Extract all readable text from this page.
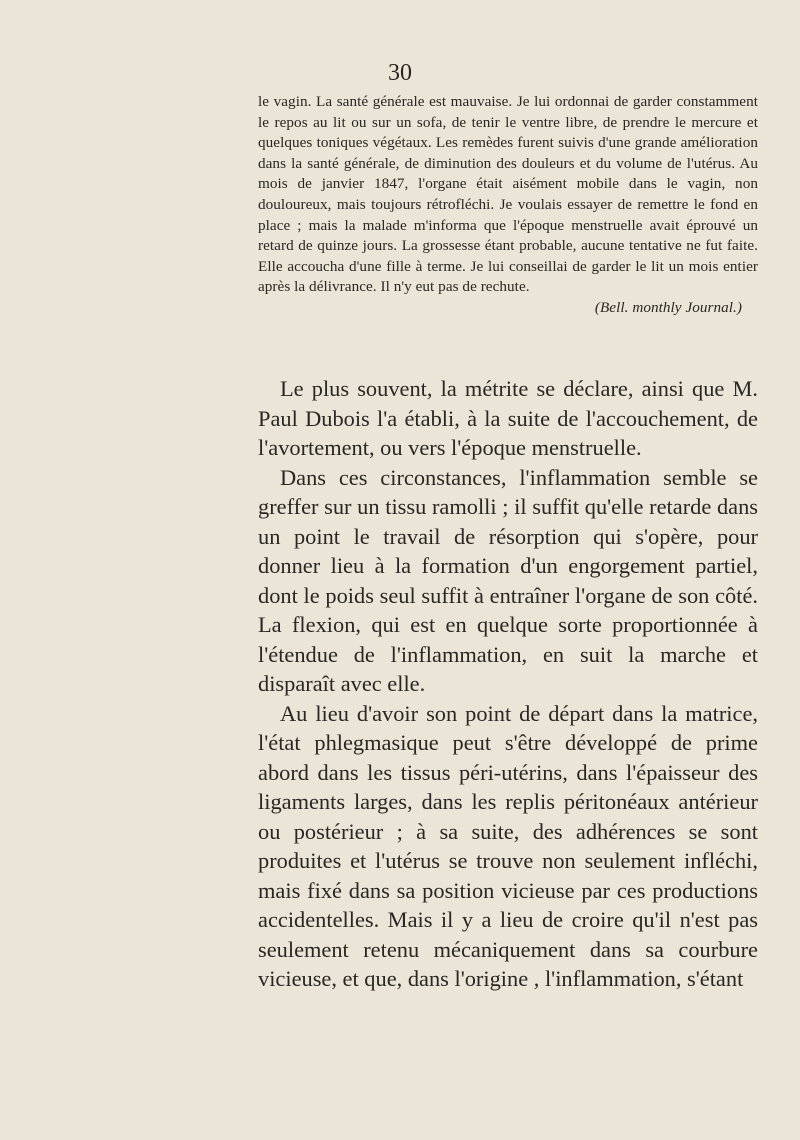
30

le vagin. La santé générale est mauvaise. Je lui ordonnai de garder constamment le repos au lit ou sur un sofa, de tenir le ventre libre, de prendre le mercure et quelques toniques végétaux. Les remèdes furent suivis d'une grande amélioration dans la santé générale, de diminution des douleurs et du volume de l'utérus. Au mois de janvier 1847, l'organe était aisément mobile dans le vagin, non douloureux, mais toujours rétrofléchi. Je voulais essayer de remettre le fond en place ; mais la malade m'informa que l'époque menstruelle avait éprouvé un retard de quinze jours. La grossesse étant probable, aucune tentative ne fut faite. Elle accoucha d'une fille à terme. Je lui conseillai de garder le lit un mois entier après la délivrance. Il n'y eut pas de rechute.

(Bell. monthly Journal.)

Le plus souvent, la métrite se déclare, ainsi que M. Paul Dubois l'a établi, à la suite de l'accouchement, de l'avortement, ou vers l'époque menstruelle.

Dans ces circonstances, l'inflammation semble se greffer sur un tissu ramolli ; il suffit qu'elle retarde dans un point le travail de résorption qui s'opère, pour donner lieu à la formation d'un engorgement partiel, dont le poids seul suffit à entraîner l'organe de son côté. La flexion, qui est en quelque sorte proportionnée à l'étendue de l'inflammation, en suit la marche et disparaît avec elle.

Au lieu d'avoir son point de départ dans la matrice, l'état phlegmasique peut s'être développé de prime abord dans les tissus péri-utérins, dans l'épaisseur des ligaments larges, dans les replis péritonéaux antérieur ou postérieur ; à sa suite, des adhérences se sont produites et l'utérus se trouve non seulement infléchi, mais fixé dans sa position vicieuse par ces productions accidentelles. Mais il y a lieu de croire qu'il n'est pas seulement retenu mécaniquement dans sa courbure vicieuse, et que, dans l'origine , l'inflammation, s'étant
